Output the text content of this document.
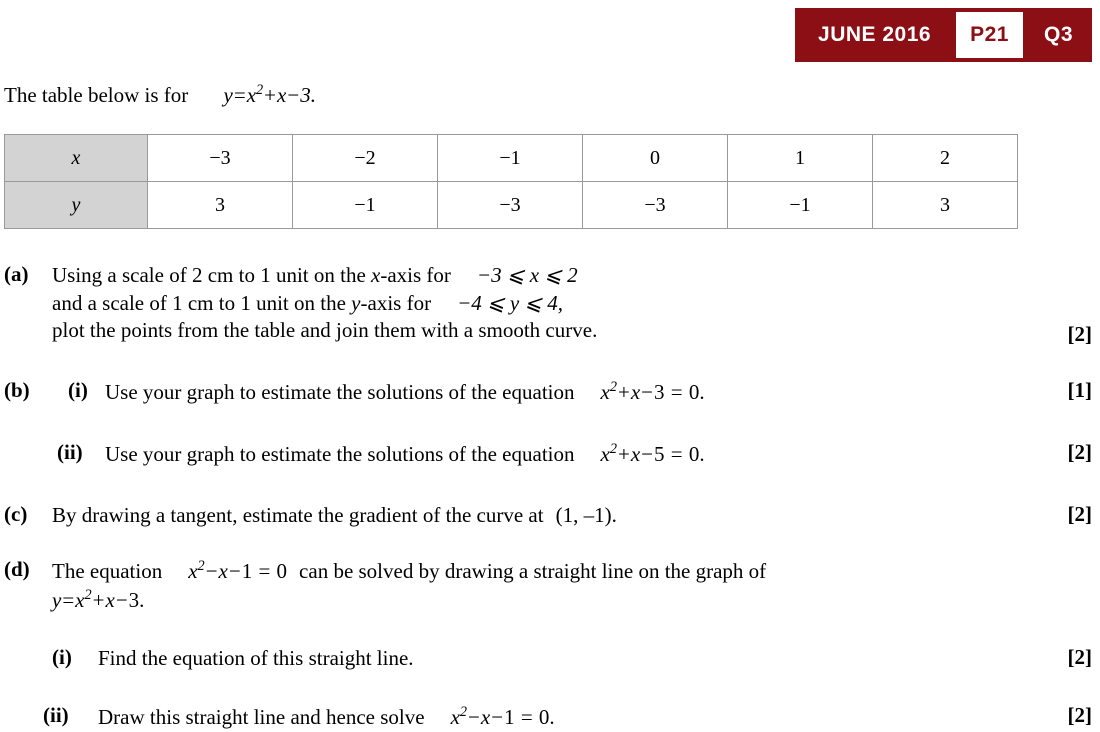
JUNE 2016	P21	Q3
The table below is for $y=x^2+x-3$.
x	−3	−2	−1	0	1	2
y	3	−1	−3	−3	−1	3
(a) Using a scale of 2 cm to 1 unit on the x-axis for −3 ⩽ x ⩽ 2
and a scale of 1 cm to 1 unit on the y-axis for −4 ⩽ y ⩽ 4,
plot the points from the table and join them with a smooth curve.	[2]
(b) (i) Use your graph to estimate the solutions of the equation $x^2+x-3 = 0$.	[1]
(ii) Use your graph to estimate the solutions of the equation $x^2+x-5 = 0$.	[2]
(c) By drawing a tangent, estimate the gradient of the curve at (1, –1).	[2]
(d) The equation $x^2-x-1 = 0$ can be solved by drawing a straight line on the graph of
$y=x^2+x-3$.
(i) Find the equation of this straight line.	[2]
(ii) Draw this straight line and hence solve $x^2-x-1 = 0$.	[2]
